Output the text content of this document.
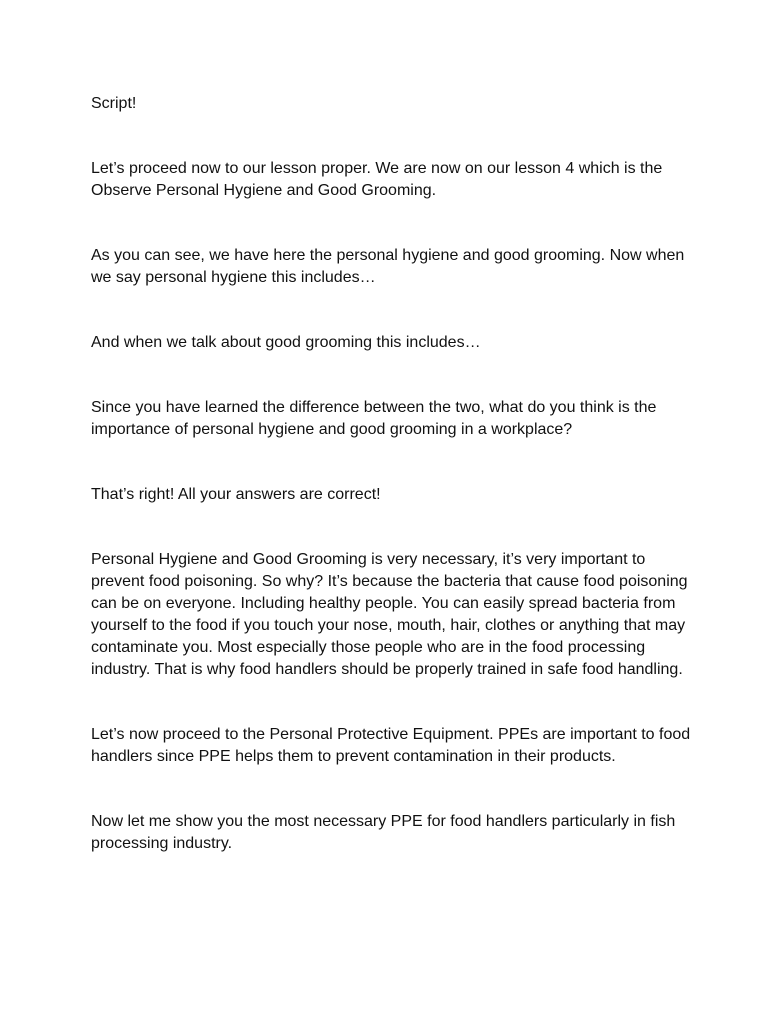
Script!

Let’s proceed now to our lesson proper. We are now on our lesson 4 which is the Observe Personal Hygiene and Good Grooming.

As you can see, we have here the personal hygiene and good grooming. Now when we say personal hygiene this includes…

And when we talk about good grooming this includes…

Since you have learned the difference between the two, what do you think is the importance of personal hygiene and good grooming in a workplace?

That’s right! All your answers are correct!

Personal Hygiene and Good Grooming is very necessary, it’s very important to prevent food poisoning. So why? It’s because the bacteria that cause food poisoning can be on everyone. Including healthy people. You can easily spread bacteria from yourself to the food if you touch your nose, mouth, hair, clothes or anything that may contaminate you. Most especially those people who are in the food processing industry. That is why food handlers should be properly trained in safe food handling.

Let’s now proceed to the Personal Protective Equipment. PPEs are important to food handlers since PPE helps them to prevent contamination in their products.

Now let me show you the most necessary PPE for food handlers particularly in fish processing industry.
